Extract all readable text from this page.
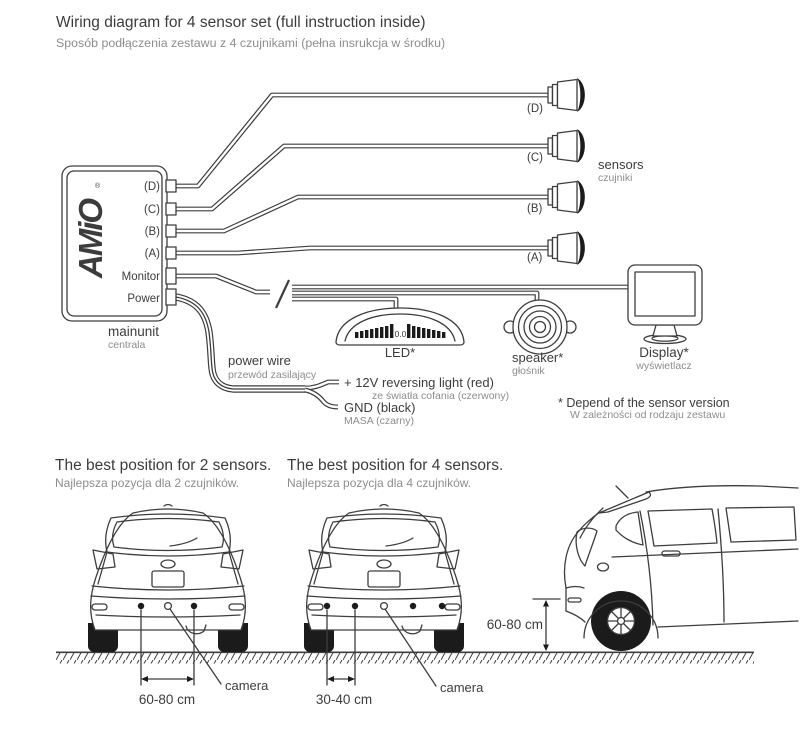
Wiring diagram for 4 sensor set (full instruction inside)
Sposób podłączenia zestawu z 4 czujnikami (pełna insrukcja w środku)
AMiO
®	(D)
(C)
(B)
(A)
Monitor
Power
mainunit
centrala
(D)
(C)
(B)
(A)
sensors
czujniki
0.0
LED*	speaker*
głośnik
Display*
wyświetlacz
power wire
przewód zasilający + 12V reversing light (red)
ze światła cofania (czerwony)
GND (black)
MASA (czarny)
* Depend of the sensor version
W zależności od rodzaju zestawu
The best position for 2 sensors.
Najlepsza pozycja dla 2 czujników.
The best position for 4 sensors.
Najlepsza pozycja dla 4 czujników.
60-80 cm
camera
30-40 cm
camera
60-80 cm
